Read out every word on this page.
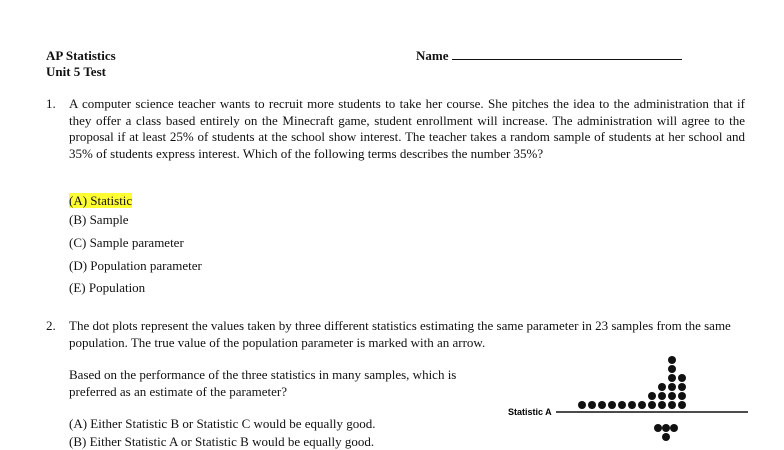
AP Statistics
Unit 5 Test
Name
1. A computer science teacher wants to recruit more students to take her course. She pitches the idea to the administration that if they offer a class based entirely on the Minecraft game, student enrollment will increase. The administration will agree to the proposal if at least 25% of students at the school show interest. The teacher takes a random sample of students at her school and 35% of students express interest. Which of the following terms describes the number 35%?
(A) Statistic
(B) Sample
(C) Sample parameter
(D) Population parameter
(E) Population
2. The dot plots represent the values taken by three different statistics estimating the same parameter in 23 samples from the same population. The true value of the population parameter is marked with an arrow.
Based on the performance of the three statistics in many samples, which is preferred as an estimate of the parameter?
(A) Either Statistic B or Statistic C would be equally good.
(B) Either Statistic A or Statistic B would be equally good.
Statistic A
